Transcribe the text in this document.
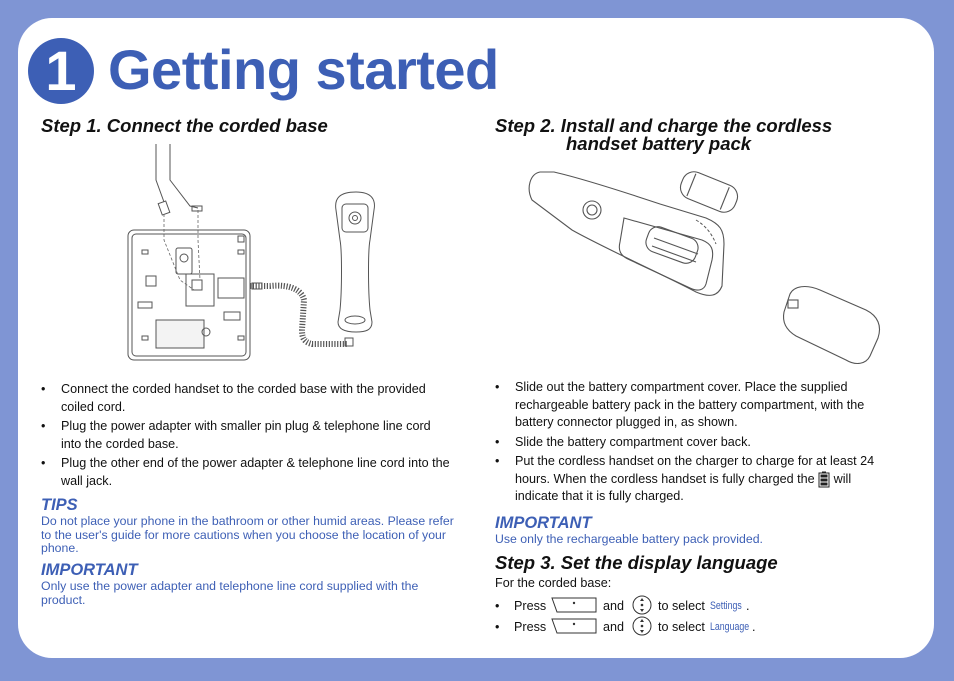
1 Getting started
Step 1. Connect the corded base
• Connect the corded handset to the corded base with the provided coiled cord.
• Plug the power adapter with smaller pin plug & telephone line cord into the corded base.
• Plug the other end of the power adapter & telephone line cord into the wall jack.
TIPS
Do not place your phone in the bathroom or other humid areas. Please refer to the user's guide for more cautions when you choose the location of your phone.
IMPORTANT
Only use the power adapter and telephone line cord supplied with the product.
Step 2. Install and charge the cordless
handset battery pack
• Slide out the battery compartment cover. Place the supplied rechargeable battery pack in the battery compartment, with the battery connector plugged in, as shown.
• Slide the battery compartment cover back.
• Put the cordless handset on the charger to charge for at least 24 hours. When the cordless handset is fully charged the will indicate that it is fully charged.
IMPORTANT
Use only the rechargeable battery pack provided.
Step 3. Set the display language
For the corded base:
• Press	and	to select Settings .
• Press	and	to select Language .
